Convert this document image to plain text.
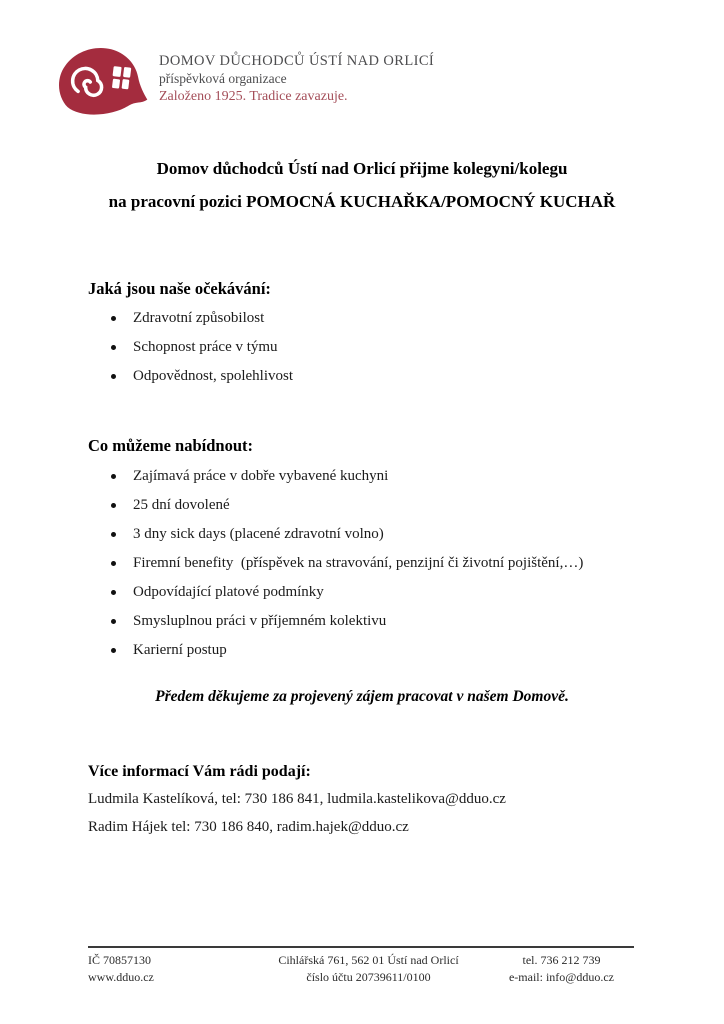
DOMOV DŮCHODCŮ ÚSTÍ NAD ORLICÍ
příspěvková organizace
Založeno 1925. Tradice zavazuje.
Domov důchodců Ústí nad Orlicí přijme kolegyni/kolegu
na pracovní pozici POMOCNÁ KUCHAŘKA/POMOCNÝ KUCHAŘ
Jaká jsou naše očekávání:
Zdravotní způsobilost
Schopnost práce v týmu
Odpovědnost, spolehlivost
Co můžeme nabídnout:
Zajímavá práce v dobře vybavené kuchyni
25 dní dovolené
3 dny sick days (placené zdravotní volno)
Firemní benefity  (příspěvek na stravování, penzijní či životní pojištění,…)
Odpovídající platové podmínky
Smysluplnou práci v příjemném kolektivu
Karierní postup
Předem děkujeme za projevený zájem pracovat v našem Domově.
Více informací Vám rádi podají:
Ludmila Kastelíková, tel: 730 186 841, ludmila.kastelikova@dduo.cz
Radim Hájek tel: 730 186 840, radim.hajek@dduo.cz
IČ 70857130
www.dduo.cz
Cihlářská 761, 562 01 Ústí nad Orlicí
číslo účtu 20739611/0100
tel. 736 212 739
e-mail: info@dduo.cz
